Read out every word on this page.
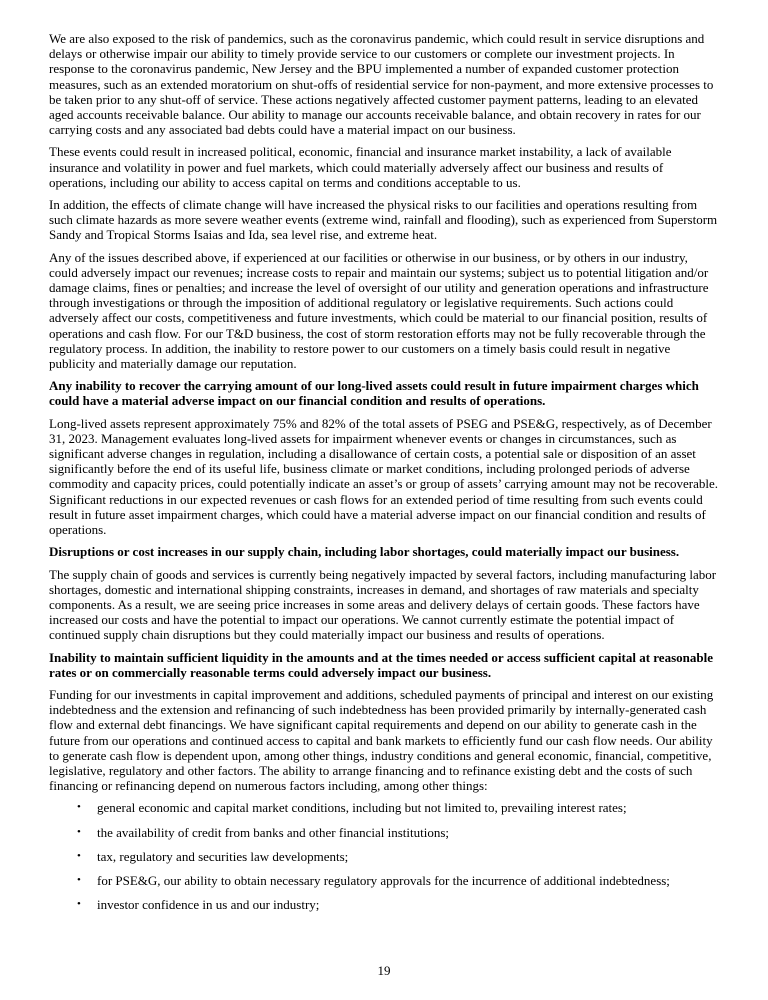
We are also exposed to the risk of pandemics, such as the coronavirus pandemic, which could result in service disruptions and delays or otherwise impair our ability to timely provide service to our customers or complete our investment projects. In response to the coronavirus pandemic, New Jersey and the BPU implemented a number of expanded customer protection measures, such as an extended moratorium on shut-offs of residential service for non-payment, and more extensive processes to be taken prior to any shut-off of service. These actions negatively affected customer payment patterns, leading to an elevated aged accounts receivable balance. Our ability to manage our accounts receivable balance, and obtain recovery in rates for our carrying costs and any associated bad debts could have a material impact on our business.

These events could result in increased political, economic, financial and insurance market instability, a lack of available insurance and volatility in power and fuel markets, which could materially adversely affect our business and results of operations, including our ability to access capital on terms and conditions acceptable to us.

In addition, the effects of climate change will have increased the physical risks to our facilities and operations resulting from such climate hazards as more severe weather events (extreme wind, rainfall and flooding), such as experienced from Superstorm Sandy and Tropical Storms Isaias and Ida, sea level rise, and extreme heat.

Any of the issues described above, if experienced at our facilities or otherwise in our business, or by others in our industry, could adversely impact our revenues; increase costs to repair and maintain our systems; subject us to potential litigation and/or damage claims, fines or penalties; and increase the level of oversight of our utility and generation operations and infrastructure through investigations or through the imposition of additional regulatory or legislative requirements. Such actions could adversely affect our costs, competitiveness and future investments, which could be material to our financial position, results of operations and cash flow. For our T&D business, the cost of storm restoration efforts may not be fully recoverable through the regulatory process. In addition, the inability to restore power to our customers on a timely basis could result in negative publicity and materially damage our reputation.

Any inability to recover the carrying amount of our long-lived assets could result in future impairment charges which could have a material adverse impact on our financial condition and results of operations.

Long-lived assets represent approximately 75% and 82% of the total assets of PSEG and PSE&G, respectively, as of December 31, 2023. Management evaluates long-lived assets for impairment whenever events or changes in circumstances, such as significant adverse changes in regulation, including a disallowance of certain costs, a potential sale or disposition of an asset significantly before the end of its useful life, business climate or market conditions, including prolonged periods of adverse commodity and capacity prices, could potentially indicate an asset’s or group of assets’ carrying amount may not be recoverable. Significant reductions in our expected revenues or cash flows for an extended period of time resulting from such events could result in future asset impairment charges, which could have a material adverse impact on our financial condition and results of operations.

Disruptions or cost increases in our supply chain, including labor shortages, could materially impact our business.

The supply chain of goods and services is currently being negatively impacted by several factors, including manufacturing labor shortages, domestic and international shipping constraints, increases in demand, and shortages of raw materials and specialty components. As a result, we are seeing price increases in some areas and delivery delays of certain goods. These factors have increased our costs and have the potential to impact our operations. We cannot currently estimate the potential impact of continued supply chain disruptions but they could materially impact our business and results of operations.

Inability to maintain sufficient liquidity in the amounts and at the times needed or access sufficient capital at reasonable rates or on commercially reasonable terms could adversely impact our business.

Funding for our investments in capital improvement and additions, scheduled payments of principal and interest on our existing indebtedness and the extension and refinancing of such indebtedness has been provided primarily by internally-generated cash flow and external debt financings. We have significant capital requirements and depend on our ability to generate cash in the future from our operations and continued access to capital and bank markets to efficiently fund our cash flow needs. Our ability to generate cash flow is dependent upon, among other things, industry conditions and general economic, financial, competitive, legislative, regulatory and other factors. The ability to arrange financing and to refinance existing debt and the costs of such financing or refinancing depend on numerous factors including, among other things:

•	general economic and capital market conditions, including but not limited to, prevailing interest rates;
•	the availability of credit from banks and other financial institutions;
•	tax, regulatory and securities law developments;
•	for PSE&G, our ability to obtain necessary regulatory approvals for the incurrence of additional indebtedness;
•	investor confidence in us and our industry;
19
